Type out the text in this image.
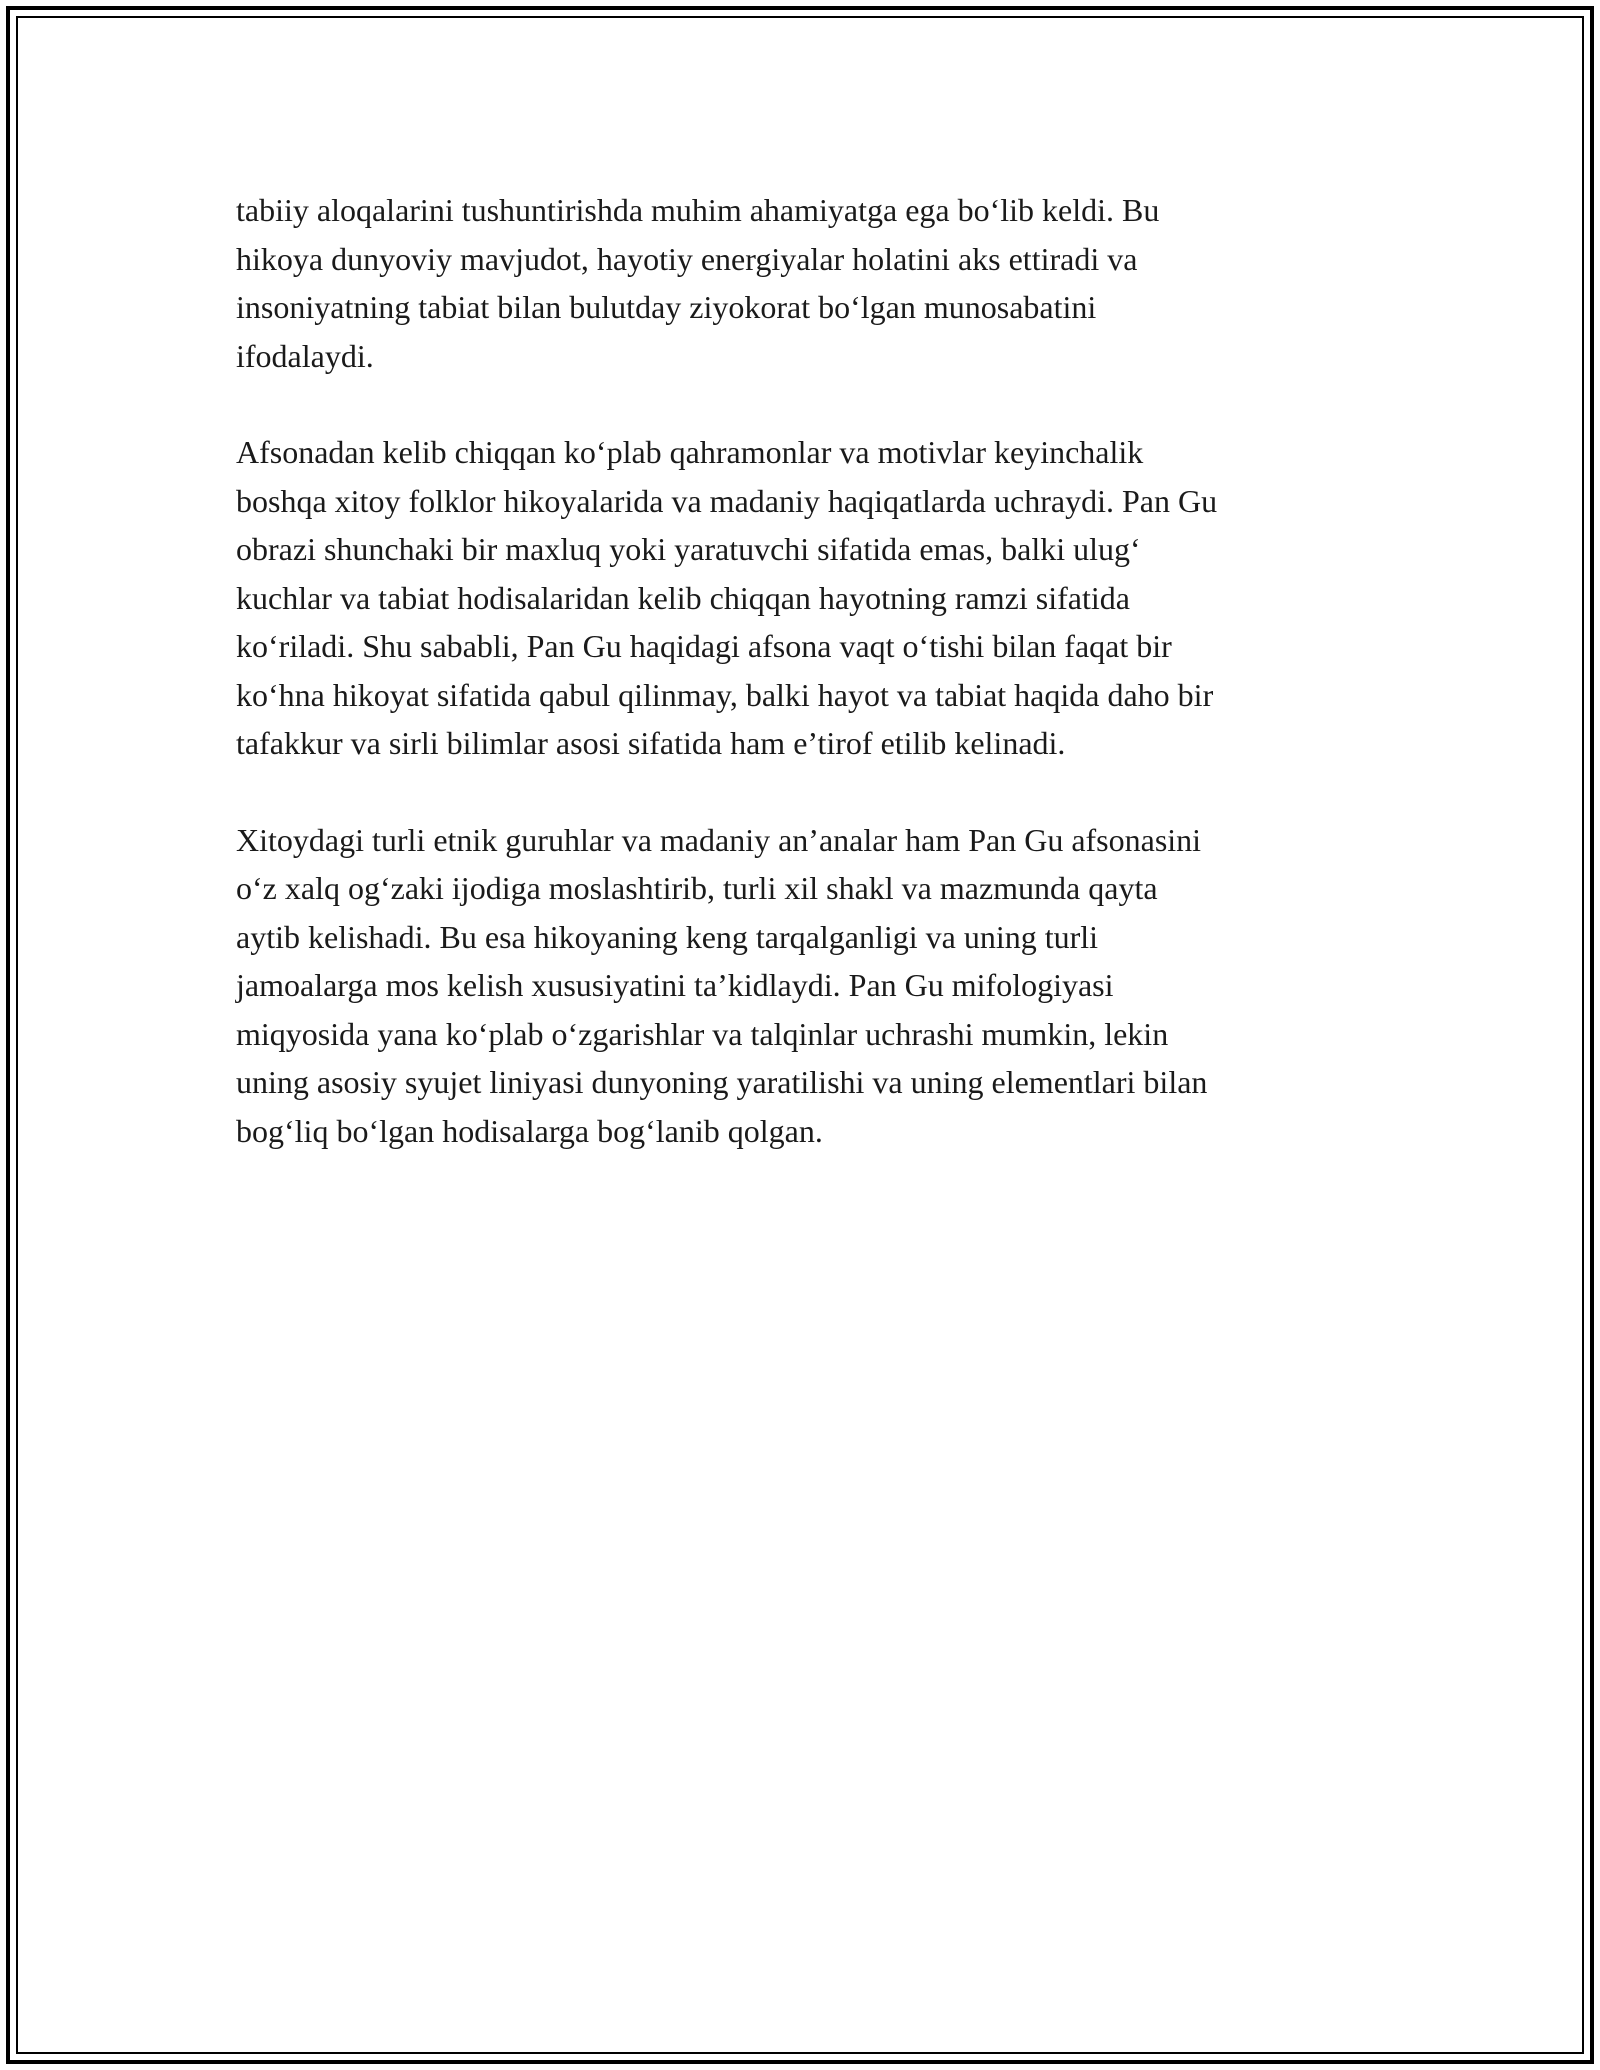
tabiiy aloqalarini tushuntirishda muhim ahamiyatga ega bo‘lib keldi. Bu
hikoya dunyoviy mavjudot, hayotiy energiyalar holatini aks ettiradi va
insoniyatning tabiat bilan bulutday ziyokorat bo‘lgan munosabatini
ifodalaydi.

Afsonadan kelib chiqqan ko‘plab qahramonlar va motivlar keyinchalik
boshqa xitoy folklor hikoyalarida va madaniy haqiqatlarda uchraydi. Pan Gu
obrazi shunchaki bir maxluq yoki yaratuvchi sifatida emas, balki ulug‘
kuchlar va tabiat hodisalaridan kelib chiqqan hayotning ramzi sifatida
ko‘riladi. Shu sababli, Pan Gu haqidagi afsona vaqt o‘tishi bilan faqat bir
ko‘hna hikoyat sifatida qabul qilinmay, balki hayot va tabiat haqida daho bir
tafakkur va sirli bilimlar asosi sifatida ham e’tirof etilib kelinadi.

Xitoydagi turli etnik guruhlar va madaniy an’analar ham Pan Gu afsonasini
o‘z xalq og‘zaki ijodiga moslashtirib, turli xil shakl va mazmunda qayta
aytib kelishadi. Bu esa hikoyaning keng tarqalganligi va uning turli
jamoalarga mos kelish xususiyatini ta’kidlaydi. Pan Gu mifologiyasi
miqyosida yana ko‘plab o‘zgarishlar va talqinlar uchrashi mumkin, lekin
uning asosiy syujet liniyasi dunyoning yaratilishi va uning elementlari bilan
bog‘liq bo‘lgan hodisalarga bog‘lanib qolgan.
